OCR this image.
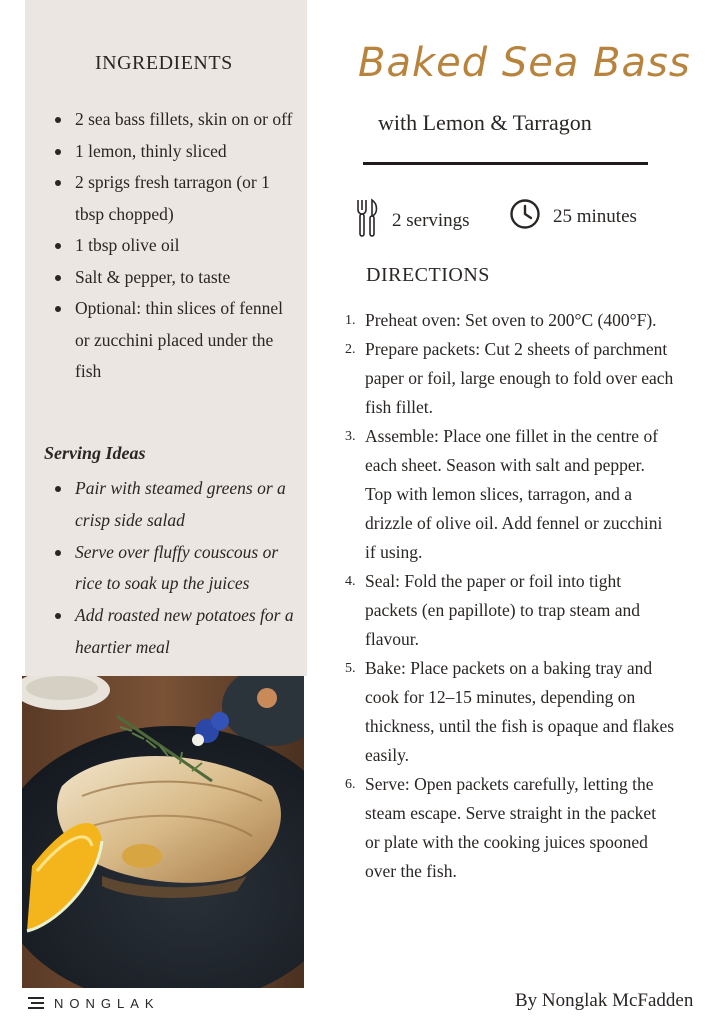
INGREDIENTS
2 sea bass fillets, skin on or off
1 lemon, thinly sliced
2 sprigs fresh tarragon (or 1 tbsp chopped)
1 tbsp olive oil
Salt & pepper, to taste
Optional: thin slices of fennel or zucchini placed under the fish
Serving Ideas
Pair with steamed greens or a crisp side salad
Serve over fluffy couscous or rice to soak up the juices
Add roasted new potatoes for a heartier meal
NONGLAK
Baked Sea Bass
with Lemon & Tarragon
2 servings	25 minutes
DIRECTIONS
1. Preheat oven: Set oven to 200°C (400°F).
2. Prepare packets: Cut 2 sheets of parchment paper or foil, large enough to fold over each fish fillet.
3. Assemble: Place one fillet in the centre of each sheet. Season with salt and pepper. Top with lemon slices, tarragon, and a drizzle of olive oil. Add fennel or zucchini if using.
4. Seal: Fold the paper or foil into tight packets (en papillote) to trap steam and flavour.
5. Bake: Place packets on a baking tray and cook for 12–15 minutes, depending on thickness, until the fish is opaque and flakes easily.
6. Serve: Open packets carefully, letting the steam escape. Serve straight in the packet or plate with the cooking juices spooned over the fish.
By Nonglak McFadden
